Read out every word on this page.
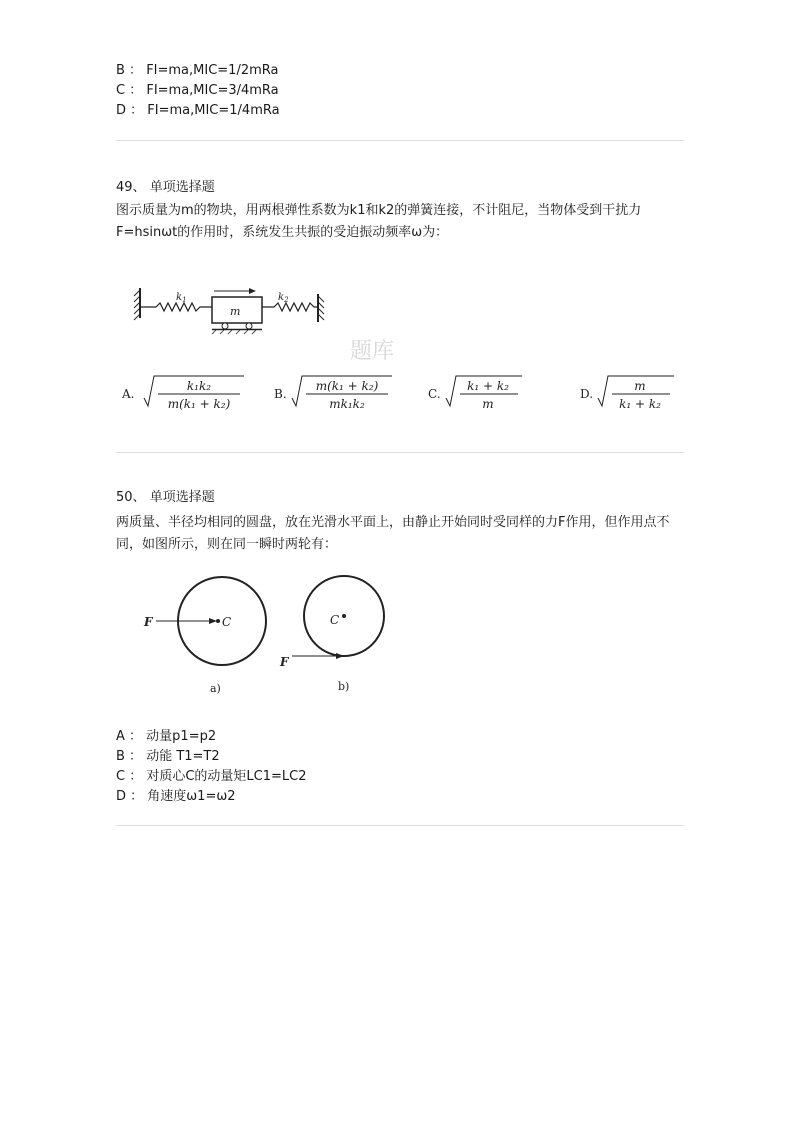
B ： FI=ma,MIC=1/2mRa
C ： FI=ma,MIC=3/4mRa
D ： FI=ma,MIC=1/4mRa
49、 单项选择题
图示质量为m的物块，用两根弹性系数为k1和k2的弹簧连接，不计阻尼，当物体受到干扰力F=hsinωt的作用时，系统发生共振的受迫振动频率ω为：
$k_1$
m
$k_2$
题库
A.
k₁k₂
m(k₁ + k₂)
B.
m(k₁ + k₂)
mk₁k₂
C.
k₁ + k₂
m
D.
m
k₁ + k₂
50、 单项选择题
两质量、半径均相同的圆盘，放在光滑水平面上，由静止开始同时受同样的力F作用，但作用点不同，如图所示，则在同一瞬时两轮有：
F	C
a)
C
F
b)
A ： 动量p1=p2
B ： 动能 T1=T2
C ： 对质心C的动量矩LC1=LC2
D ： 角速度ω1=ω2
